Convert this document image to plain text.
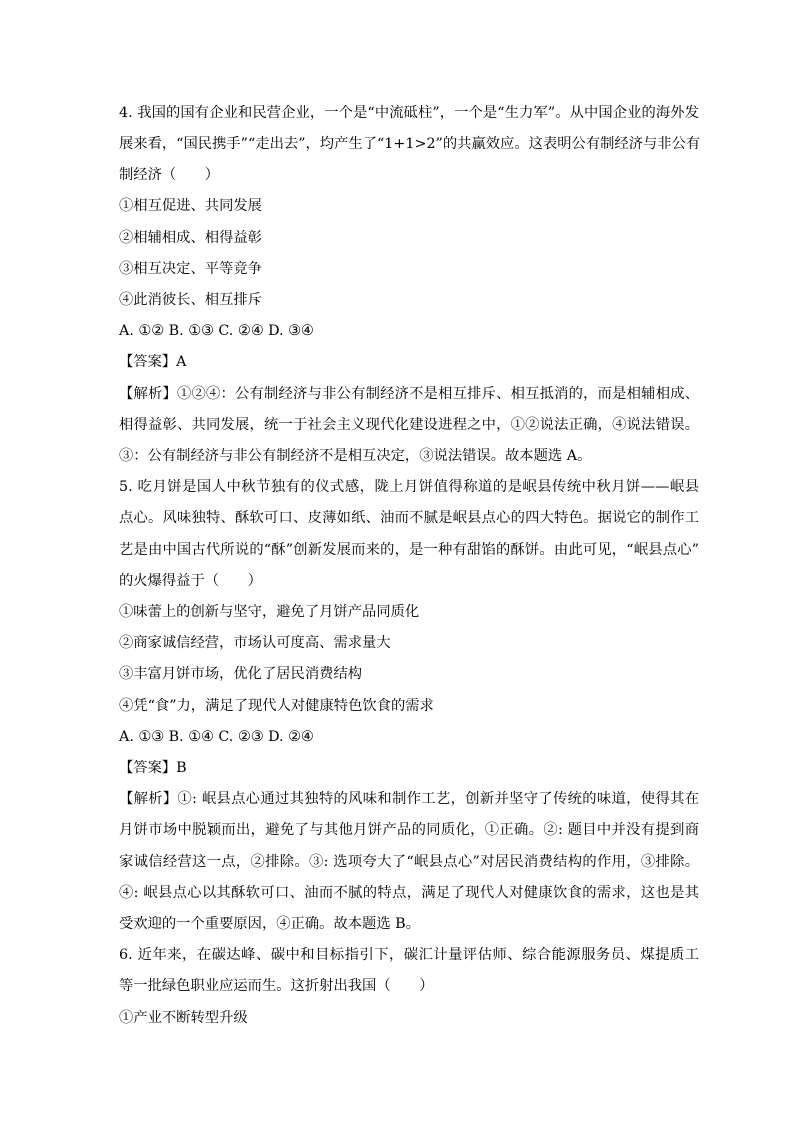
4. 我国的国有企业和民营企业，一个是“中流砥柱”，一个是“生力军”。从中国企业的海外发
展来看，“国民携手”“走出去”，均产生了“1+1>2”的共赢效应。这表明公有制经济与非公有
制经济（　　）
①相互促进、共同发展
②相辅相成、相得益彰
③相互决定、平等竞争
④此消彼长、相互排斥
A. ①② B. ①③ C. ②④ D. ③④
【答案】A
【解析】①②④：公有制经济与非公有制经济不是相互排斥、相互抵消的，而是相辅相成、
相得益彰、共同发展，统一于社会主义现代化建设进程之中，①②说法正确，④说法错误。
③：公有制经济与非公有制经济不是相互决定，③说法错误。故本题选 A。
5. 吃月饼是国人中秋节独有的仪式感，陇上月饼值得称道的是岷县传统中秋月饼——岷县
点心。风味独特、酥软可口、皮薄如纸、油而不腻是岷县点心的四大特色。据说它的制作工
艺是由中国古代所说的“酥”创新发展而来的，是一种有甜馅的酥饼。由此可见，“岷县点心”
的火爆得益于（　　）
①味蕾上的创新与坚守，避免了月饼产品同质化
②商家诚信经营，市场认可度高、需求量大
③丰富月饼市场，优化了居民消费结构
④凭“食”力，满足了现代人对健康特色饮食的需求
A. ①③ B. ①④ C. ②③ D. ②④
【答案】B
【解析】①: 岷县点心通过其独特的风味和制作工艺，创新并坚守了传统的味道，使得其在
月饼市场中脱颖而出，避免了与其他月饼产品的同质化，①正确。②: 题目中并没有提到商
家诚信经营这一点，②排除。③: 选项夸大了“岷县点心”对居民消费结构的作用，③排除。
④: 岷县点心以其酥软可口、油而不腻的特点，满足了现代人对健康饮食的需求，这也是其
受欢迎的一个重要原因，④正确。故本题选 B。
6. 近年来，在碳达峰、碳中和目标指引下，碳汇计量评估师、综合能源服务员、煤提质工
等一批绿色职业应运而生。这折射出我国（　　）
①产业不断转型升级
